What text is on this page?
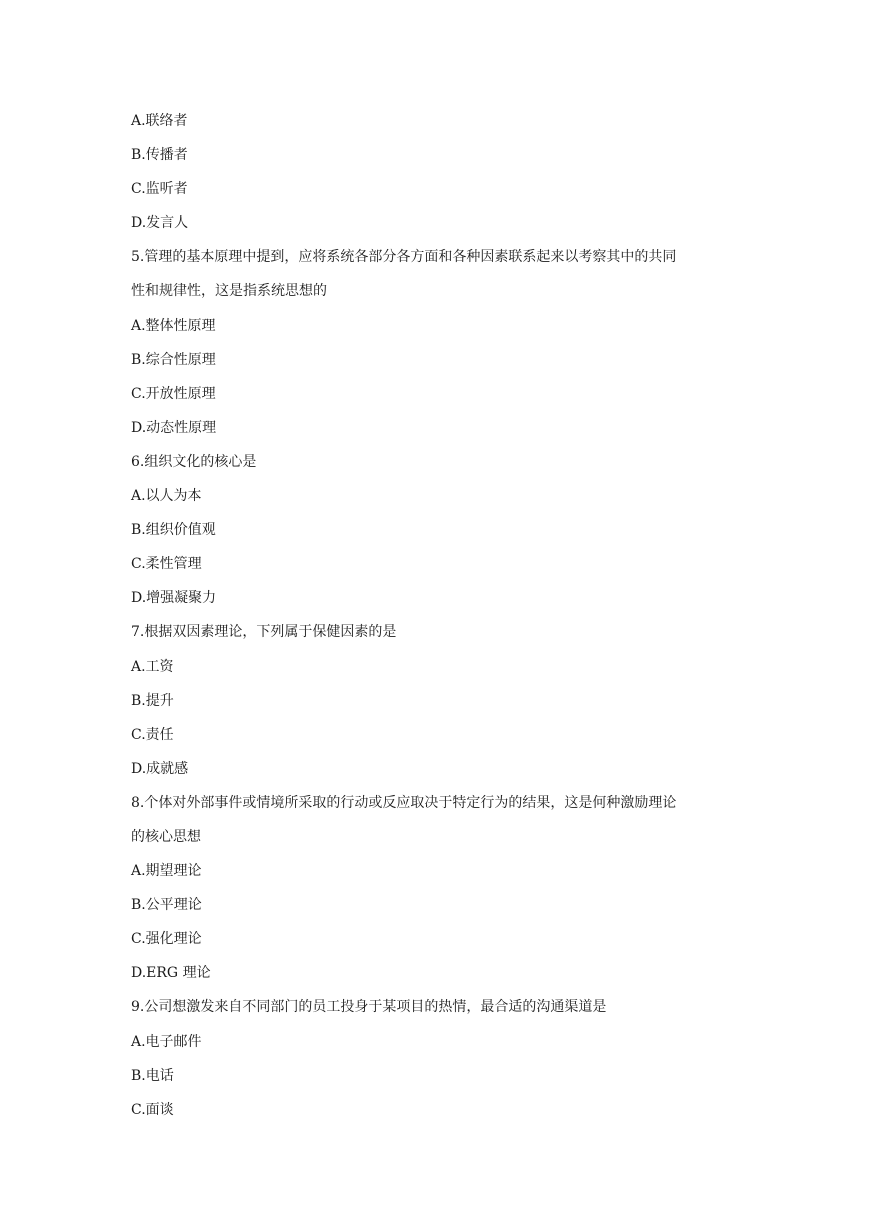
A.联络者

B.传播者

C.监听者

D.发言人

5.管理的基本原理中提到，应将系统各部分各方面和各种因素联系起来以考察其中的共同

性和规律性，这是指系统思想的

A.整体性原理

B.综合性原理

C.开放性原理

D.动态性原理

6.组织文化的核心是

A.以人为本

B.组织价值观

C.柔性管理

D.增强凝聚力

7.根据双因素理论，下列属于保健因素的是

A.工资

B.提升

C.责任

D.成就感

8.个体对外部事件或情境所采取的行动或反应取决于特定行为的结果，这是何种激励理论

的核心思想

A.期望理论

B.公平理论

C.强化理论

D.ERG 理论

9.公司想激发来自不同部门的员工投身于某项目的热情，最合适的沟通渠道是

A.电子邮件

B.电话

C.面谈
